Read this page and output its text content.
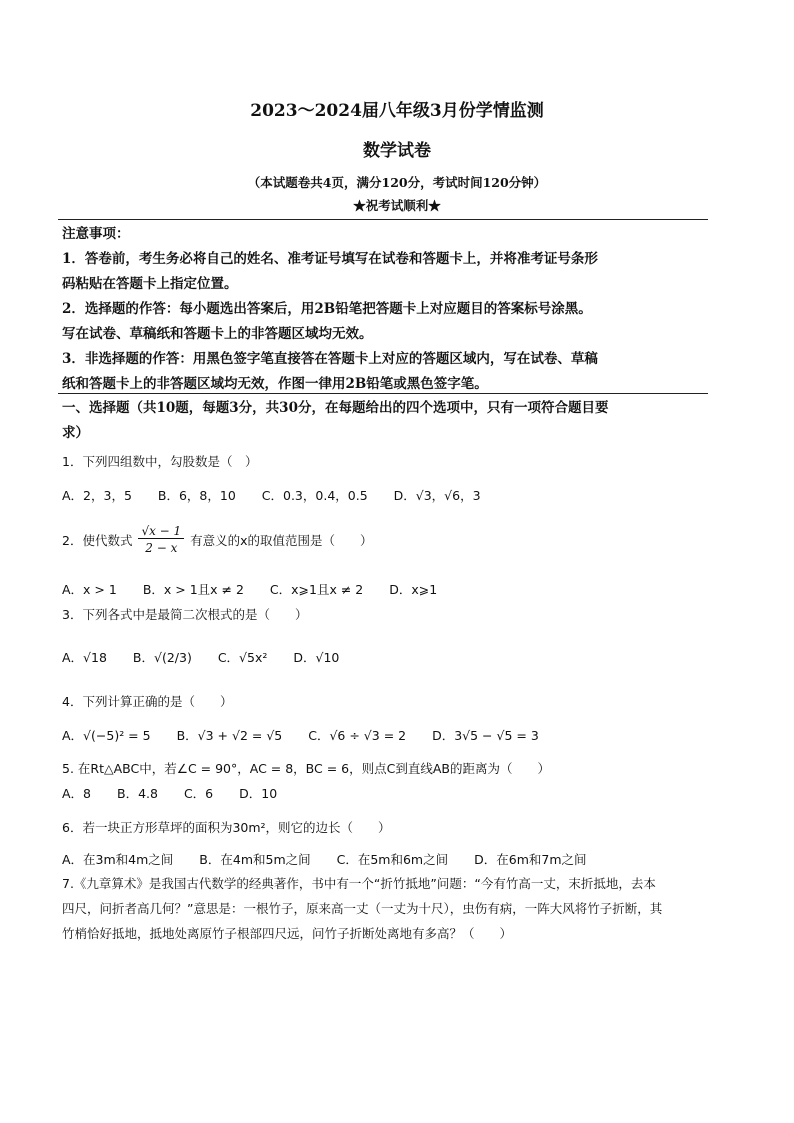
2023～2024届八年级3月份学情监测
数学试卷
（本试题卷共4页，满分120分，考试时间120分钟）
★祝考试顺利★
注意事项：
1．答卷前，考生务必将自己的姓名、准考证号填写在试卷和答题卡上，并将准考证号条形
码粘贴在答题卡上指定位置。
2．选择题的作答：每小题选出答案后，用2B铅笔把答题卡上对应题目的答案标号涂黑。
写在试卷、草稿纸和答题卡上的非答题区域均无效。
3．非选择题的作答：用黑色签字笔直接答在答题卡上对应的答题区域内，写在试卷、草稿
纸和答题卡上的非答题区域均无效，作图一律用2B铅笔或黑色签字笔。
一、选择题（共10题，每题3分，共30分，在每题给出的四个选项中，只有一项符合题目要
求）
1．下列四组数中，勾股数是（　）
A．2，3，5 B．6，8，10 C．0.3，0.4，0.5 D．√3，√6，3
2．使代数式 $\frac{√x - 1}{2 - x}$ 有意义的x的取值范围是（　　）
A．x > 1 B．x > 1且x ≠ 2 C．x⩾1且x ≠ 2 D．x⩾1
3．下列各式中是最简二次根式的是（　　）
A．√18 B．√(2/3) C．√5x² D．√10
4．下列计算正确的是（　　）
A．√(−5)² = 5 B．√3 + √2 = √5 C．√6 ÷ √3 = 2 D．3√5 − √5 = 3
5. 在Rt△ABC中，若∠C = 90°，AC = 8，BC = 6，则点C到直线AB的距离为（　　）
A．8 B．4.8 C．6 D．10
6．若一块正方形草坪的面积为30m²，则它的边长（　　）
A．在3m和4m之间 B．在4m和5m之间 C．在5m和6m之间 D．在6m和7m之间
7.《九章算术》是我国古代数学的经典著作，书中有一个“折竹抵地”问题：“今有竹高一丈，末折抵地，去本
四尺，问折者高几何？”意思是：一根竹子，原来高一丈（一丈为十尺），虫伤有病，一阵大风将竹子折断，其
竹梢恰好抵地，抵地处离原竹子根部四尺远，问竹子折断处离地有多高？（　　）
